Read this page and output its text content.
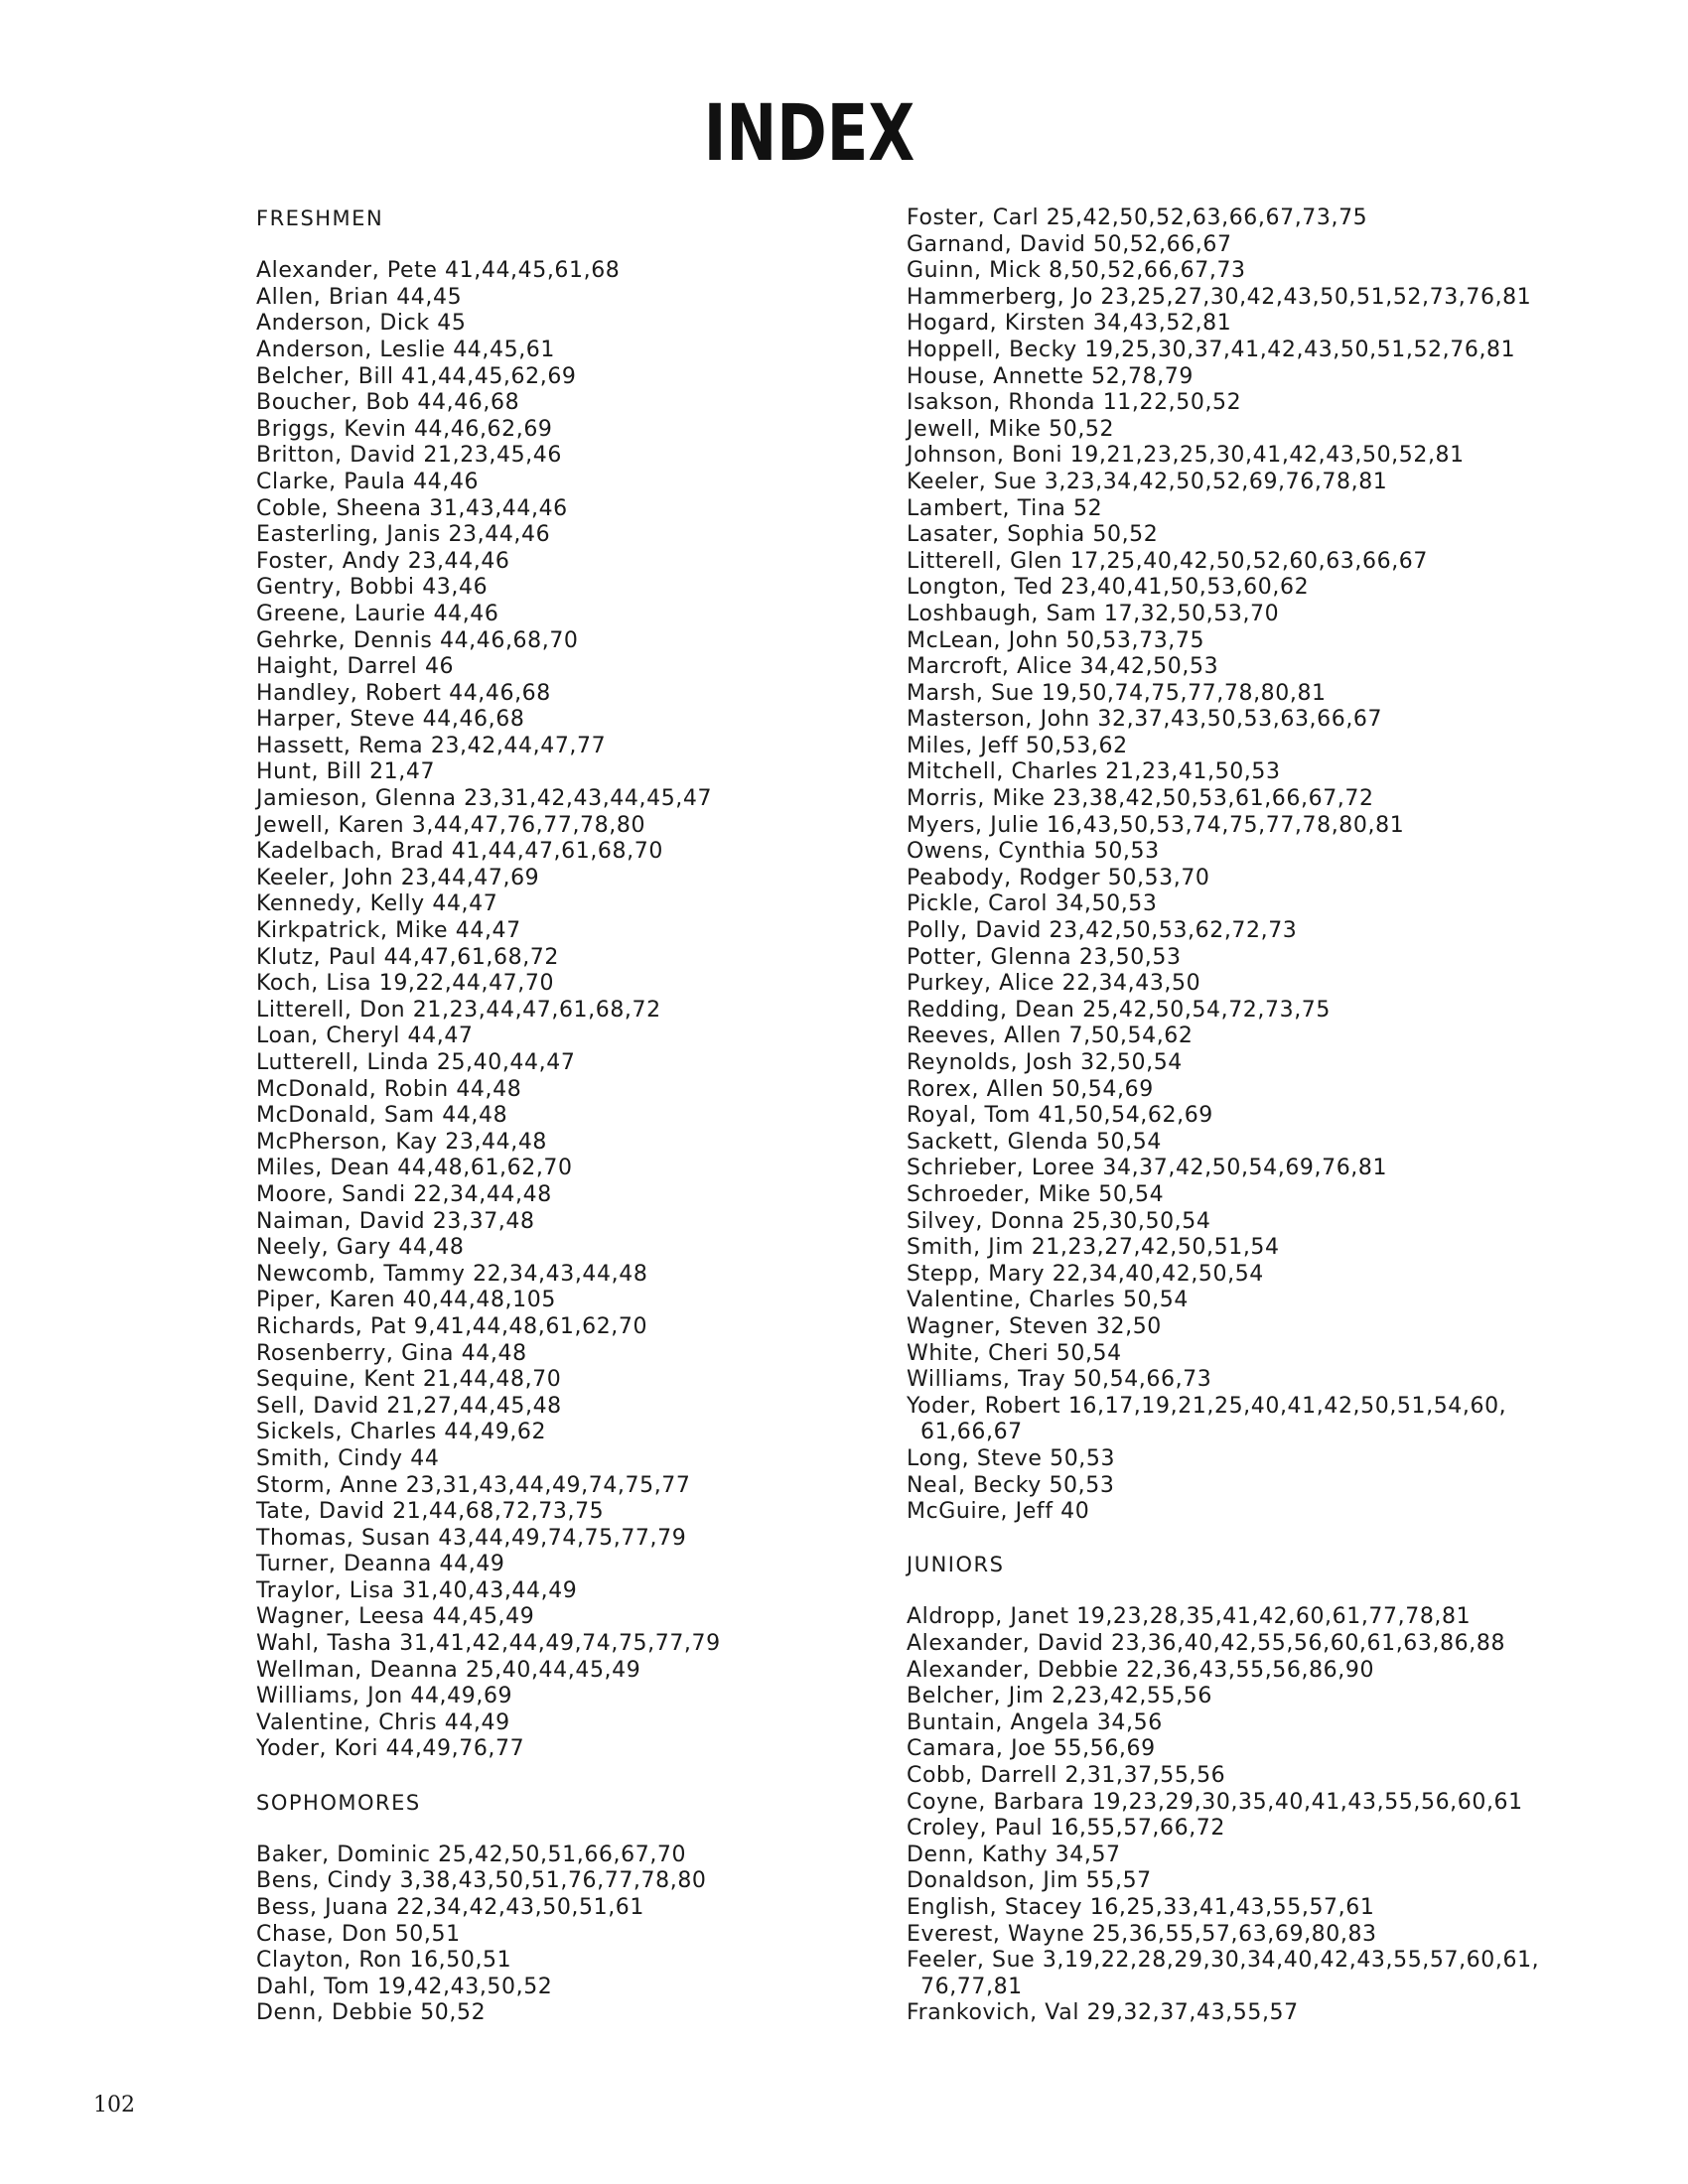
INDEX
FRESHMEN
Alexander, Pete 41,44,45,61,68
Allen, Brian 44,45
Anderson, Dick 45
Anderson, Leslie 44,45,61
Belcher, Bill 41,44,45,62,69
Boucher, Bob 44,46,68
Briggs, Kevin 44,46,62,69
Britton, David 21,23,45,46
Clarke, Paula 44,46
Coble, Sheena 31,43,44,46
Easterling, Janis 23,44,46
Foster, Andy 23,44,46
Gentry, Bobbi 43,46
Greene, Laurie 44,46
Gehrke, Dennis 44,46,68,70
Haight, Darrel 46
Handley, Robert 44,46,68
Harper, Steve 44,46,68
Hassett, Rema 23,42,44,47,77
Hunt, Bill 21,47
Jamieson, Glenna 23,31,42,43,44,45,47
Jewell, Karen 3,44,47,76,77,78,80
Kadelbach, Brad 41,44,47,61,68,70
Keeler, John 23,44,47,69
Kennedy, Kelly 44,47
Kirkpatrick, Mike 44,47
Klutz, Paul 44,47,61,68,72
Koch, Lisa 19,22,44,47,70
Litterell, Don 21,23,44,47,61,68,72
Loan, Cheryl 44,47
Lutterell, Linda 25,40,44,47
McDonald, Robin 44,48
McDonald, Sam 44,48
McPherson, Kay 23,44,48
Miles, Dean 44,48,61,62,70
Moore, Sandi 22,34,44,48
Naiman, David 23,37,48
Neely, Gary 44,48
Newcomb, Tammy 22,34,43,44,48
Piper, Karen 40,44,48,105
Richards, Pat 9,41,44,48,61,62,70
Rosenberry, Gina 44,48
Sequine, Kent 21,44,48,70
Sell, David 21,27,44,45,48
Sickels, Charles 44,49,62
Smith, Cindy 44
Storm, Anne 23,31,43,44,49,74,75,77
Tate, David 21,44,68,72,73,75
Thomas, Susan 43,44,49,74,75,77,79
Turner, Deanna 44,49
Traylor, Lisa 31,40,43,44,49
Wagner, Leesa 44,45,49
Wahl, Tasha 31,41,42,44,49,74,75,77,79
Wellman, Deanna 25,40,44,45,49
Williams, Jon 44,49,69
Valentine, Chris 44,49
Yoder, Kori 44,49,76,77
SOPHOMORES
Baker, Dominic 25,42,50,51,66,67,70
Bens, Cindy 3,38,43,50,51,76,77,78,80
Bess, Juana 22,34,42,43,50,51,61
Chase, Don 50,51
Clayton, Ron 16,50,51
Dahl, Tom 19,42,43,50,52
Denn, Debbie 50,52
Foster, Carl 25,42,50,52,63,66,67,73,75
Garnand, David 50,52,66,67
Guinn, Mick 8,50,52,66,67,73
Hammerberg, Jo 23,25,27,30,42,43,50,51,52,73,76,81
Hogard, Kirsten 34,43,52,81
Hoppell, Becky 19,25,30,37,41,42,43,50,51,52,76,81
House, Annette 52,78,79
Isakson, Rhonda 11,22,50,52
Jewell, Mike 50,52
Johnson, Boni 19,21,23,25,30,41,42,43,50,52,81
Keeler, Sue 3,23,34,42,50,52,69,76,78,81
Lambert, Tina 52
Lasater, Sophia 50,52
Litterell, Glen 17,25,40,42,50,52,60,63,66,67
Longton, Ted 23,40,41,50,53,60,62
Loshbaugh, Sam 17,32,50,53,70
McLean, John 50,53,73,75
Marcroft, Alice 34,42,50,53
Marsh, Sue 19,50,74,75,77,78,80,81
Masterson, John 32,37,43,50,53,63,66,67
Miles, Jeff 50,53,62
Mitchell, Charles 21,23,41,50,53
Morris, Mike 23,38,42,50,53,61,66,67,72
Myers, Julie 16,43,50,53,74,75,77,78,80,81
Owens, Cynthia 50,53
Peabody, Rodger 50,53,70
Pickle, Carol 34,50,53
Polly, David 23,42,50,53,62,72,73
Potter, Glenna 23,50,53
Purkey, Alice 22,34,43,50
Redding, Dean 25,42,50,54,72,73,75
Reeves, Allen 7,50,54,62
Reynolds, Josh 32,50,54
Rorex, Allen 50,54,69
Royal, Tom 41,50,54,62,69
Sackett, Glenda 50,54
Schrieber, Loree 34,37,42,50,54,69,76,81
Schroeder, Mike 50,54
Silvey, Donna 25,30,50,54
Smith, Jim 21,23,27,42,50,51,54
Stepp, Mary 22,34,40,42,50,54
Valentine, Charles 50,54
Wagner, Steven 32,50
White, Cheri 50,54
Williams, Tray 50,54,66,73
Yoder, Robert 16,17,19,21,25,40,41,42,50,51,54,60,
61,66,67
Long, Steve 50,53
Neal, Becky 50,53
McGuire, Jeff 40
JUNIORS
Aldropp, Janet 19,23,28,35,41,42,60,61,77,78,81
Alexander, David 23,36,40,42,55,56,60,61,63,86,88
Alexander, Debbie 22,36,43,55,56,86,90
Belcher, Jim 2,23,42,55,56
Buntain, Angela 34,56
Camara, Joe 55,56,69
Cobb, Darrell 2,31,37,55,56
Coyne, Barbara 19,23,29,30,35,40,41,43,55,56,60,61
Croley, Paul 16,55,57,66,72
Denn, Kathy 34,57
Donaldson, Jim 55,57
English, Stacey 16,25,33,41,43,55,57,61
Everest, Wayne 25,36,55,57,63,69,80,83
Feeler, Sue 3,19,22,28,29,30,34,40,42,43,55,57,60,61,
76,77,81
Frankovich, Val 29,32,37,43,55,57
102
